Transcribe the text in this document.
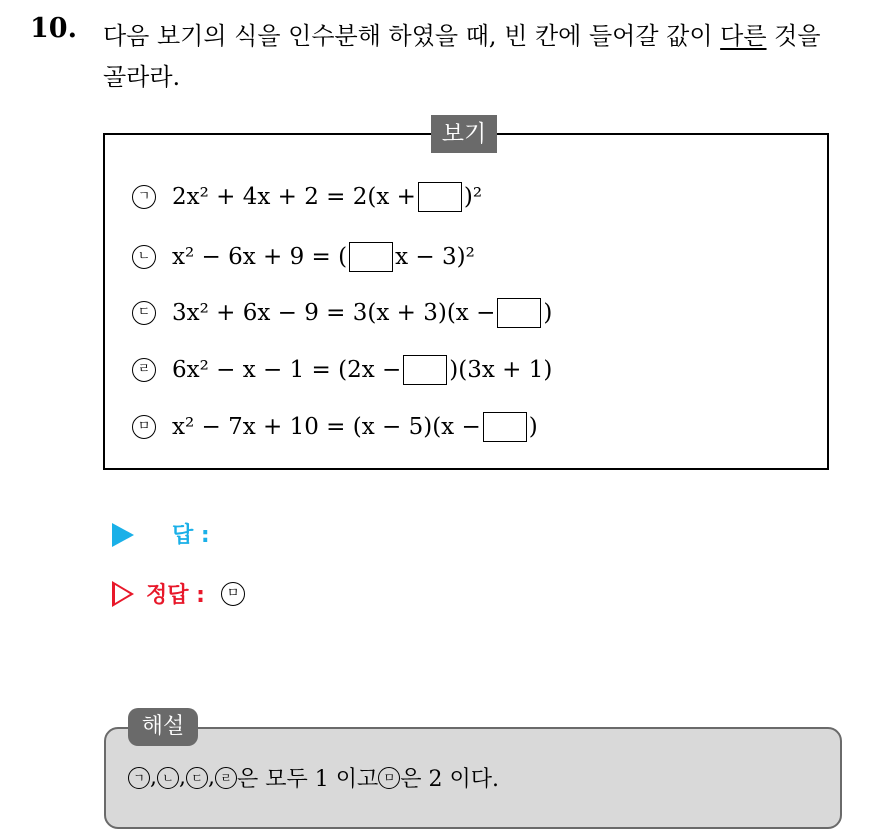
10. 다음 보기의 식을 인수분해 하였을 때, 빈 칸에 들어갈 값이 다른 것을
골라라.
보기
ㄱ 2x² + 4x + 2 = 2(x + )²
ㄴ x² − 6x + 9 = ( x − 3)²
ㄷ 3x² + 6x − 9 = 3(x + 3)(x − )
ㄹ 6x² − x − 1 = (2x − )(3x + 1)
ㅁ x² − 7x + 10 = (x − 5)(x − )
답 :
정답 :	ㅁ
해설
ㄱ , ㄴ , ㄷ , ㄹ 은 모두 1 이고 ㅁ 은 2 이다.
